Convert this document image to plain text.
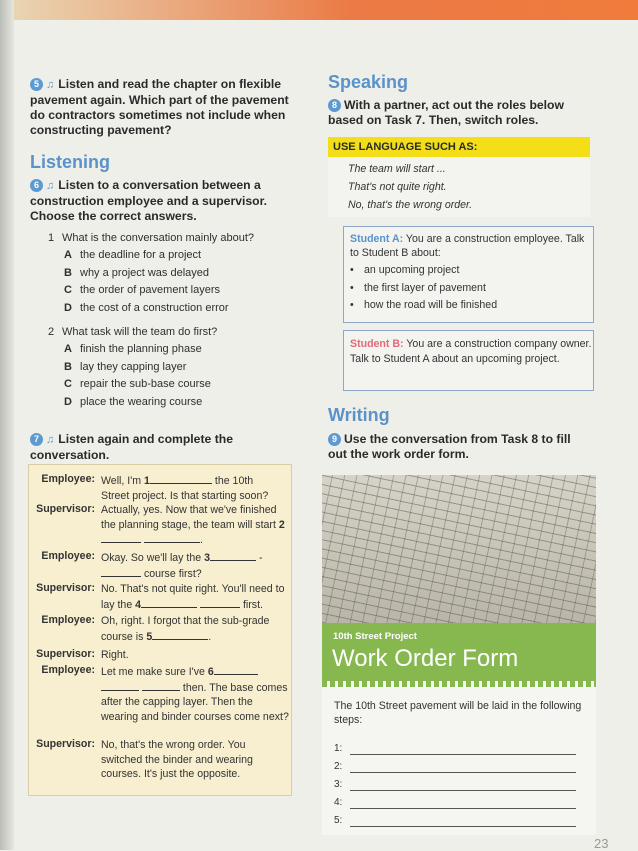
5 ♫ Listen and read the chapter on flexible pavement again. Which part of the pavement do contractors sometimes not include when constructing pavement?
Listening
6 ♫ Listen to a conversation between a construction employee and a supervisor. Choose the correct answers.
1 What is the conversation mainly about?
A the deadline for a project
B why a project was delayed
C the order of pavement layers
D the cost of a construction error
2 What task will the team do first?
A finish the planning phase
B lay they capping layer
C repair the sub-base course
D place the wearing course
7 ♫ Listen again and complete the conversation.
Employee: Well, I'm 1	the 10th
Street project. Is that starting soon?
Supervisor: Actually, yes. Now that we've finished the planning stage, the team will start 2 .
Employee: Okay. So we'll lay the 3	-
course first?
Supervisor: No. That's not quite right. You'll need to lay the 4	first.
Employee: Oh, right. I forgot that the sub-grade course is 5	.
Supervisor: Right.
Employee: Let me make sure I've 6
then. The base comes after the capping layer. Then the wearing and binder courses come next?
Supervisor: No, that's the wrong order. You switched the binder and wearing courses. It's just the opposite.
Speaking
8 With a partner, act out the roles below based on Task 7. Then, switch roles.
USE LANGUAGE SUCH AS:
The team will start ...
That's not quite right.
No, that's the wrong order.
Student A: You are a construction employee. Talk to Student B about:
• an upcoming project
• the first layer of pavement
• how the road will be finished
Student B: You are a construction company owner. Talk to Student A about an upcoming project.
Writing
9 Use the conversation from Task 8 to fill out the work order form.
10th Street Project
Work Order Form
The 10th Street pavement will be laid in the following steps:
1:
2:
3:
4:
5:
23
